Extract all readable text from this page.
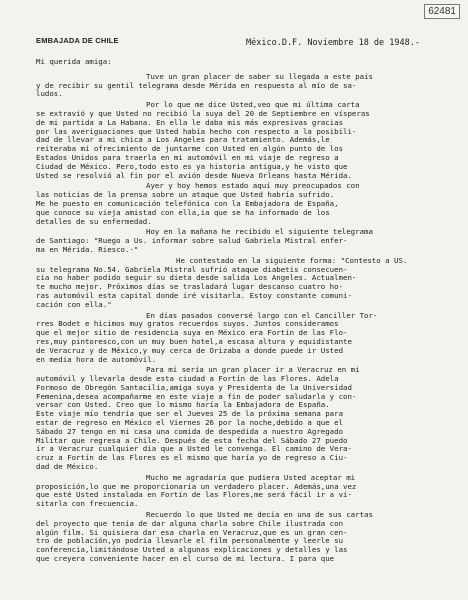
62481
EMBAJADA DE CHILE	México.D.F. Noviembre 18 de 1948.-
Mi querida amiga:
Tuve un gran placer de saber su llegada a este país
y de recibir su gentil telegrama desde Mérida en respuesta al mío de sa-
ludos.
Por lo que me dice Usted,veo que mi última carta
se extravió y que Usted no recibió la suya del 20 de Septiembre en vísperas
de mi partida a La Habana. En ella le daba mis más expresivas gracias
por las averiguaciones que Usted había hecho con respecto a la posibili-
dad de llevar a mi chica a Los Angeles para tratamiento. Además,le
reiteraba mi ofrecimiento de juntarme con Usted en algún punto de los
Estados Unidos para traerla en mi automóvil en mi viaje de regreso a
Ciudad de México. Pero,todo esto es ya historia antigua,y he visto que
Usted se resolvió al fin por el avión desde Nueva Orleans hasta Mérida.
Ayer y hoy hemos estado aquí muy preocupados con
las noticias de la prensa sobre un ataque que Usted habría sufrido.
Me he puesto en comunicación telefónica con la Embajadora de España,
que conoce su vieja amistad con ella,ia que se ha informado de los
detalles de su enfermedad.
Hoy en la mañana he recibido el siguiente telegrama
de Santiago: "Ruego a Us. informar sobre salud Gabriela Mistral enfer-
ma en Mérida. Riesco.-"
He contestado en la siguiente forma: "Contesto a US.
su telegrama No.54. Gabriela Mistral sufrió ataque diabetis consecuen-
cia no haber podido seguir su dieta desde salida Los Angeles. Actualmen-
te mucho mejor. Próximos días se trasladará lugar descanso cuatro ho-
ras automóvil esta capital donde iré visitarla. Estoy constante comuni-
cación con ella."
En días pasados conversé largo con el Canciller Tor-
rres Bodet e hicimos muy gratos recuerdos suyos. Juntos consideramos
que el mejor sitio de residencia suya en México era Fortín de las Flo-
res,muy pintoresco,con un muy buen hotel,a escasa altura y equidistante
de Veracruz y de México,y muy cerca de Orizaba a donde puede ir Usted
en media hora de automóvil.
Para mí sería un gran placer ir a Veracruz en mi
automóvil y llevarla desde esta ciudad a Fortín de las Flores. Adela
Formoso de Obregón Santacilia,amiga suya y Presidenta de la Universidad
Femenina,desea acompañarme en este viaje a fin de poder saludarla y con-
versar con Usted. Creo que lo mismo haría la Embajadora de España.
Este viaje mío tendría que ser el Jueves 25 de la próxima semana para
estar de regreso en México el Viernes 26 por la noche,debido a que el
Sábado 27 tengo en mi casa una comida de despedida a nuestro Agregado
Militar que regresa a Chile. Después de esta fecha del Sábado 27 puedo
ir a Veracruz cualquier día que a Usted le convenga. El camino de Vera-
cruz a Fortín de las Flores es el mismo que haría yo de regreso a Ciu-
dad de México.
Mucho me agradaría que pudiera Usted aceptar mi
proposición,lo que me proporcionaría un verdadero placer. Además,una vez
que esté Usted instalada en Fortín de las Flores,me será fácil ir a vi-
sitarla con frecuencia.
Recuerdo lo que Usted me decía en una de sus cartas
del proyecto que tenía de dar alguna charla sobre Chile ilustrada con
algún film. Si quisiera dar esa charla en Veracruz,que es un gran cen-
tro de población,yo podría llevarle el film personalmente y leerle su
conferencia,limitándose Usted a algunas explicaciones y detalles y las
que creyera conveniente hacer en el curso de mi lectura. I para que
